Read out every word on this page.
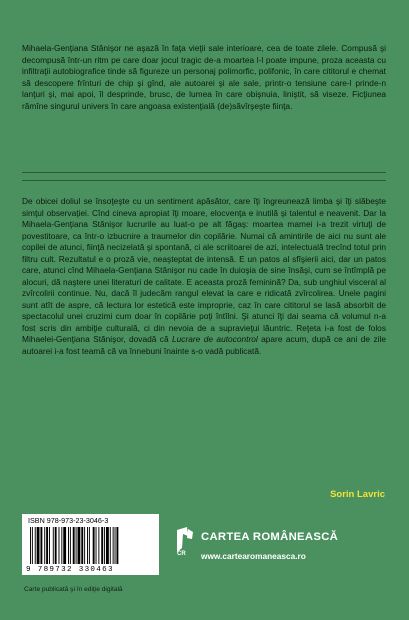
Mihaela-Genţiana Stănişor ne aşază în faţa vieţii sale interioare, cea de toate zilele. Compusă şi decompusă într-un ritm pe care doar jocul tragic de-a moartea l-l poate impune, proza aceasta cu infiltraţii autobiografice tinde să figureze un personaj polimorfic, polifonic, în care cititorul e chemat să descopere frînturi de chip şi gînd, ale autoarei şi ale sale, printr-o tensiune care-l prinde-n lanţuri şi, mai apoi, îl desprinde, brusc, de lumea în care obişnuia, liniştit, să viseze. Ficţiunea rămîne singurul univers în care angoasa existenţială (de)săvîrşeşte fiinţa.

De obicei doliul se însoţeşte cu un sentiment apăsător, care îţi îngreunează limba şi îţi slăbeşte simţul observaţiei. Cînd cineva apropiat îţi moare, elocvenţa e inutilă şi talentul e neavenit. Dar la Mihaela-Genţiana Stănişor lucrurile au luat-o pe alt făgaş: moartea mamei i-a trezit virtuţi de povestitoare, ca într-o izbucnire a traumelor din copilărie. Numai că amintirile de aici nu sunt ale copilei de atunci, fiinţă necizelată şi spontană, ci ale scriitoarei de azi, intelectuală trecînd totul prin filtru cult. Rezultatul e o proză vie, neaşteptat de intensă. E un patos al sfîşierii aici, dar un patos care, atunci cînd Mihaela-Genţiana Stănişor nu cade în duioşia de sine însăşi, cum se întîmplă pe alocuri, dă naştere unei literaturi de calitate. E aceasta proză feminină? Da, sub unghiul visceral al zvîrcolirii continue. Nu, dacă îl judecăm rangul elevat la care e ridicată zvîrcolirea. Unele pagini sunt atît de aspre, că lectura lor estetică este improprie, caz în care cititorul se lasă absorbit de spectacolul unei cruzimi cum doar în copilărie poţi întîlni. Şi atunci îţi dai seama că volumul n-a fost scris din ambiţie culturală, ci din nevoia de a supravieţui lăuntric. Reţeta i-a fost de folos Mihaelei-Genţiana Stănişor, dovadă că Lucrare de autocontrol apare acum, după ce ani de zile autoarei i-a fost teamă că va înnebuni înainte s-o vadă publicată.

Sorin Lavric
ISBN 978-973-23-3046-3
9 789732 330463
Carte publicată şi în ediţie digitală
CR
CARTEA ROMÂNEASCĂ
www.cartearomaneasca.ro
